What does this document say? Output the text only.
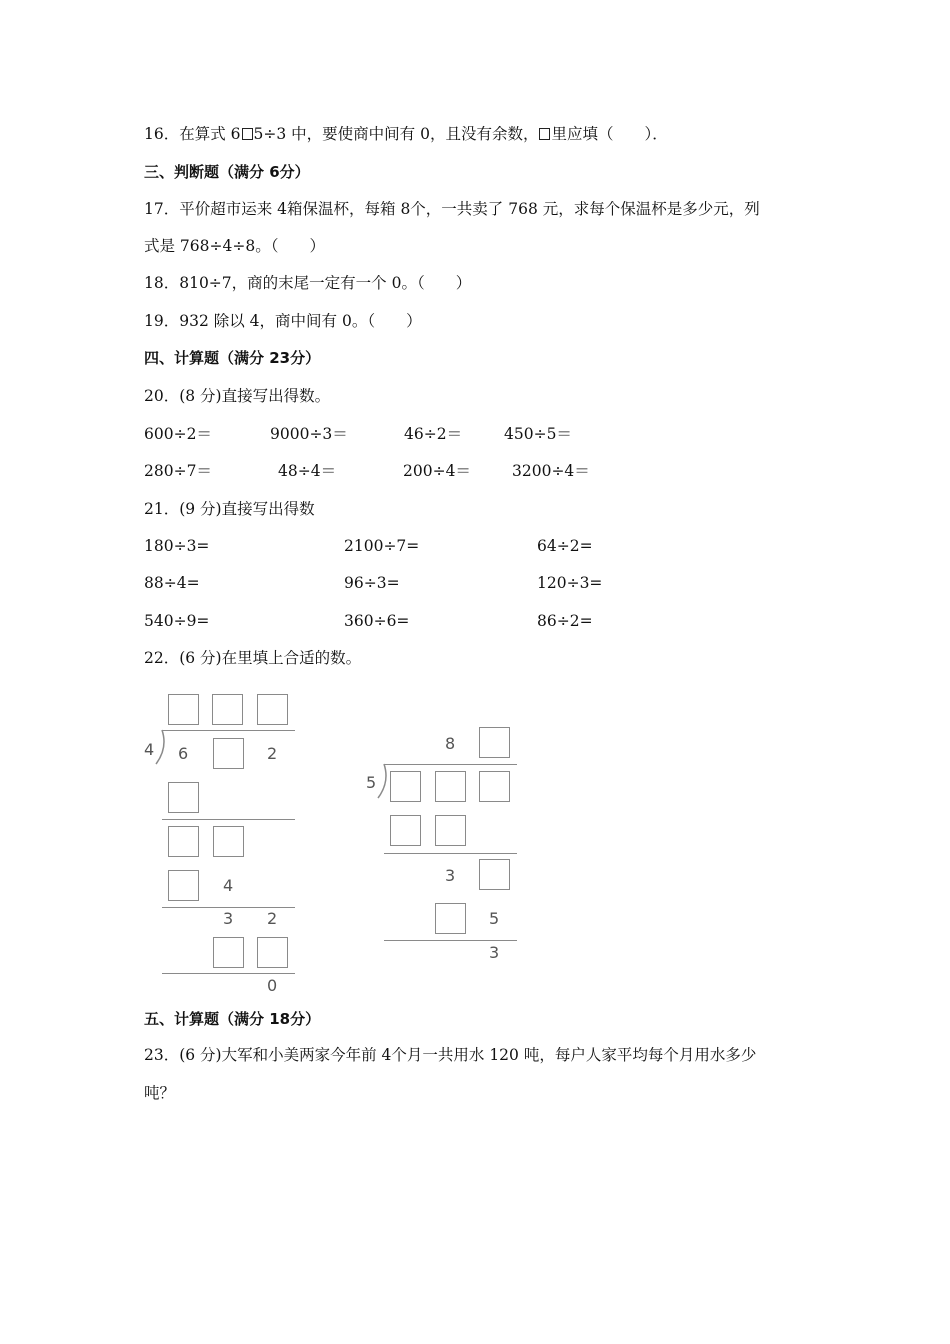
16．在算式 6 5÷3 中，要使商中间有 0，且没有余数， 里应填（　　）．
三、判断题（满分 6分）
17．平价超市运来 4箱保温杯，每箱 8个，一共卖了 768 元，求每个保温杯是多少元，列
式是 768÷4÷8。（　　）
18．810÷7，商的末尾一定有一个 0。（　　）
19．932 除以 4，商中间有 0。（　　）
四、计算题（满分 23分）
20．(8 分)直接写出得数。
600÷2＝	9000÷3＝	46÷2＝	450÷5＝
280÷7＝	48÷4＝	200÷4＝	3200÷4＝
21．(9 分)直接写出得数
180÷3=	2100÷7=	64÷2=
88÷4=	96÷3=	120÷3=
540÷9=	360÷6=	86÷2=
22．(6 分)在里填上合适的数。
4 6	2
4
3 2
0
8
5
3
5
3
五、计算题（满分 18分）
23．(6 分)大军和小美两家今年前 4个月一共用水 120 吨，每户人家平均每个月用水多少
吨？
